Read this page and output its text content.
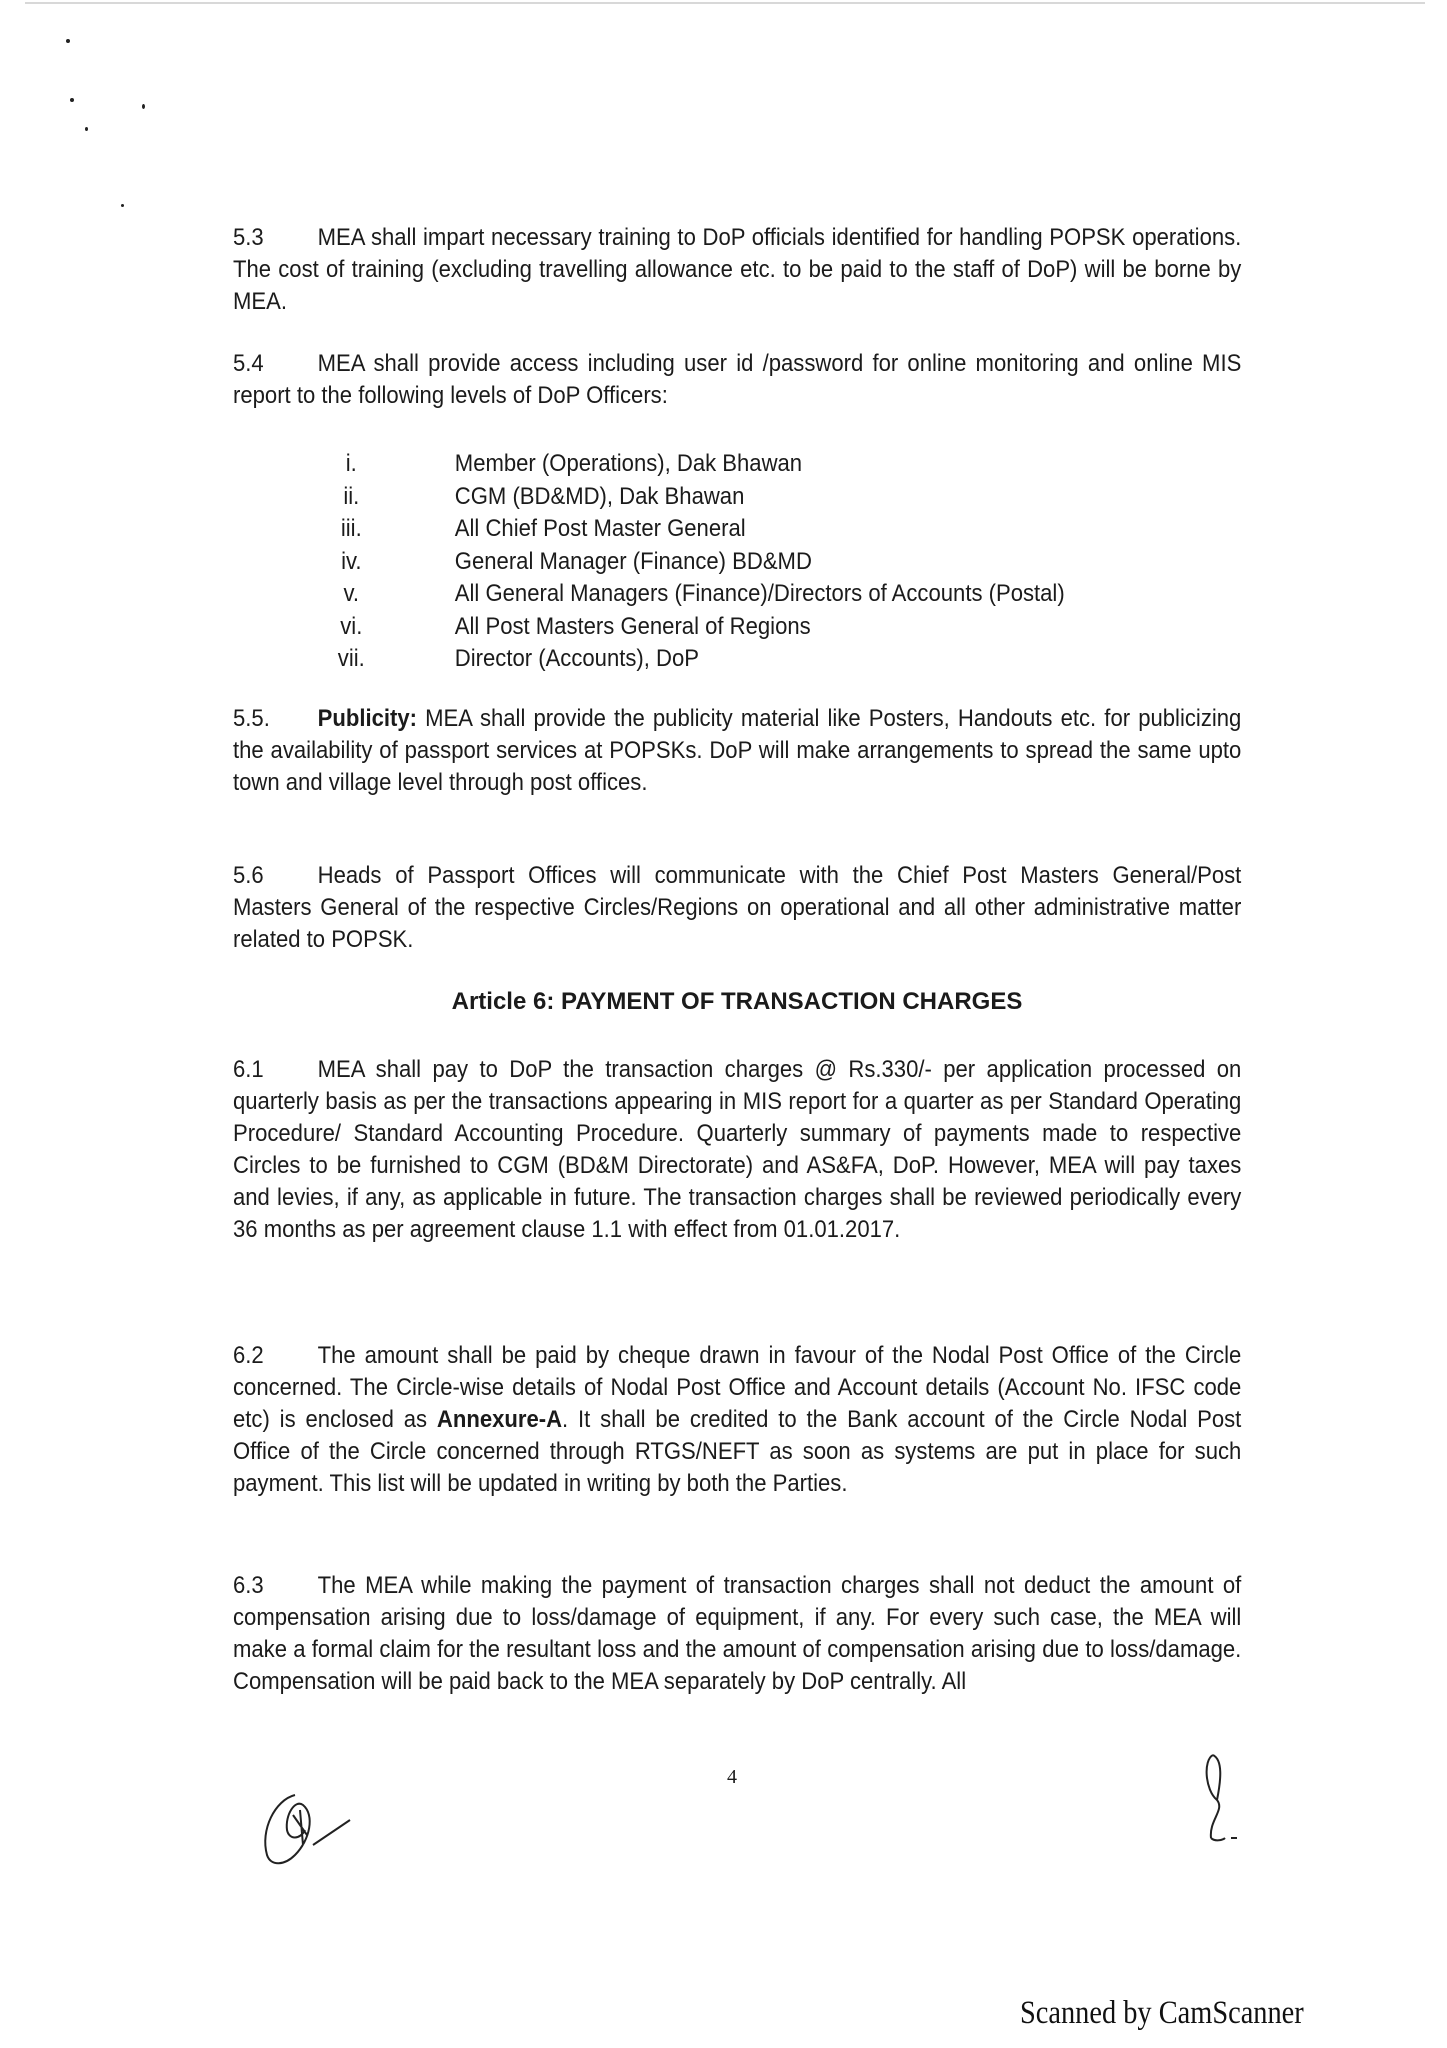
5.3 MEA shall impart necessary training to DoP officials identified for handling POPSK operations. The cost of training (excluding travelling allowance etc. to be paid to the staff of DoP) will be borne by MEA.
5.4 MEA shall provide access including user id /password for online monitoring and online MIS report to the following levels of DoP Officers:
i.	Member (Operations), Dak Bhawan
ii.	CGM (BD&MD), Dak Bhawan
iii.	All Chief Post Master General
iv.	General Manager (Finance) BD&MD
v.	All General Managers (Finance)/Directors of Accounts (Postal)
vi.	All Post Masters General of Regions
vii.	Director (Accounts), DoP
5.5. Publicity: MEA shall provide the publicity material like Posters, Handouts etc. for publicizing the availability of passport services at POPSKs. DoP will make arrangements to spread the same upto town and village level through post offices.
5.6 Heads of Passport Offices will communicate with the Chief Post Masters General/Post Masters General of the respective Circles/Regions on operational and all other administrative matter related to POPSK.
Article 6: PAYMENT OF TRANSACTION CHARGES
6.1 MEA shall pay to DoP the transaction charges @ Rs.330/- per application processed on quarterly basis as per the transactions appearing in MIS report for a quarter as per Standard Operating Procedure/ Standard Accounting Procedure. Quarterly summary of payments made to respective Circles to be furnished to CGM (BD&M Directorate) and AS&FA, DoP. However, MEA will pay taxes and levies, if any, as applicable in future. The transaction charges shall be reviewed periodically every 36 months as per agreement clause 1.1 with effect from 01.01.2017.
6.2 The amount shall be paid by cheque drawn in favour of the Nodal Post Office of the Circle concerned. The Circle-wise details of Nodal Post Office and Account details (Account No. IFSC code etc) is enclosed as Annexure-A. It shall be credited to the Bank account of the Circle Nodal Post Office of the Circle concerned through RTGS/NEFT as soon as systems are put in place for such payment. This list will be updated in writing by both the Parties.
6.3 The MEA while making the payment of transaction charges shall not deduct the amount of compensation arising due to loss/damage of equipment, if any. For every such case, the MEA will make a formal claim for the resultant loss and the amount of compensation arising due to loss/damage. Compensation will be paid back to the MEA separately by DoP centrally. All
4
Scanned by CamScanner
